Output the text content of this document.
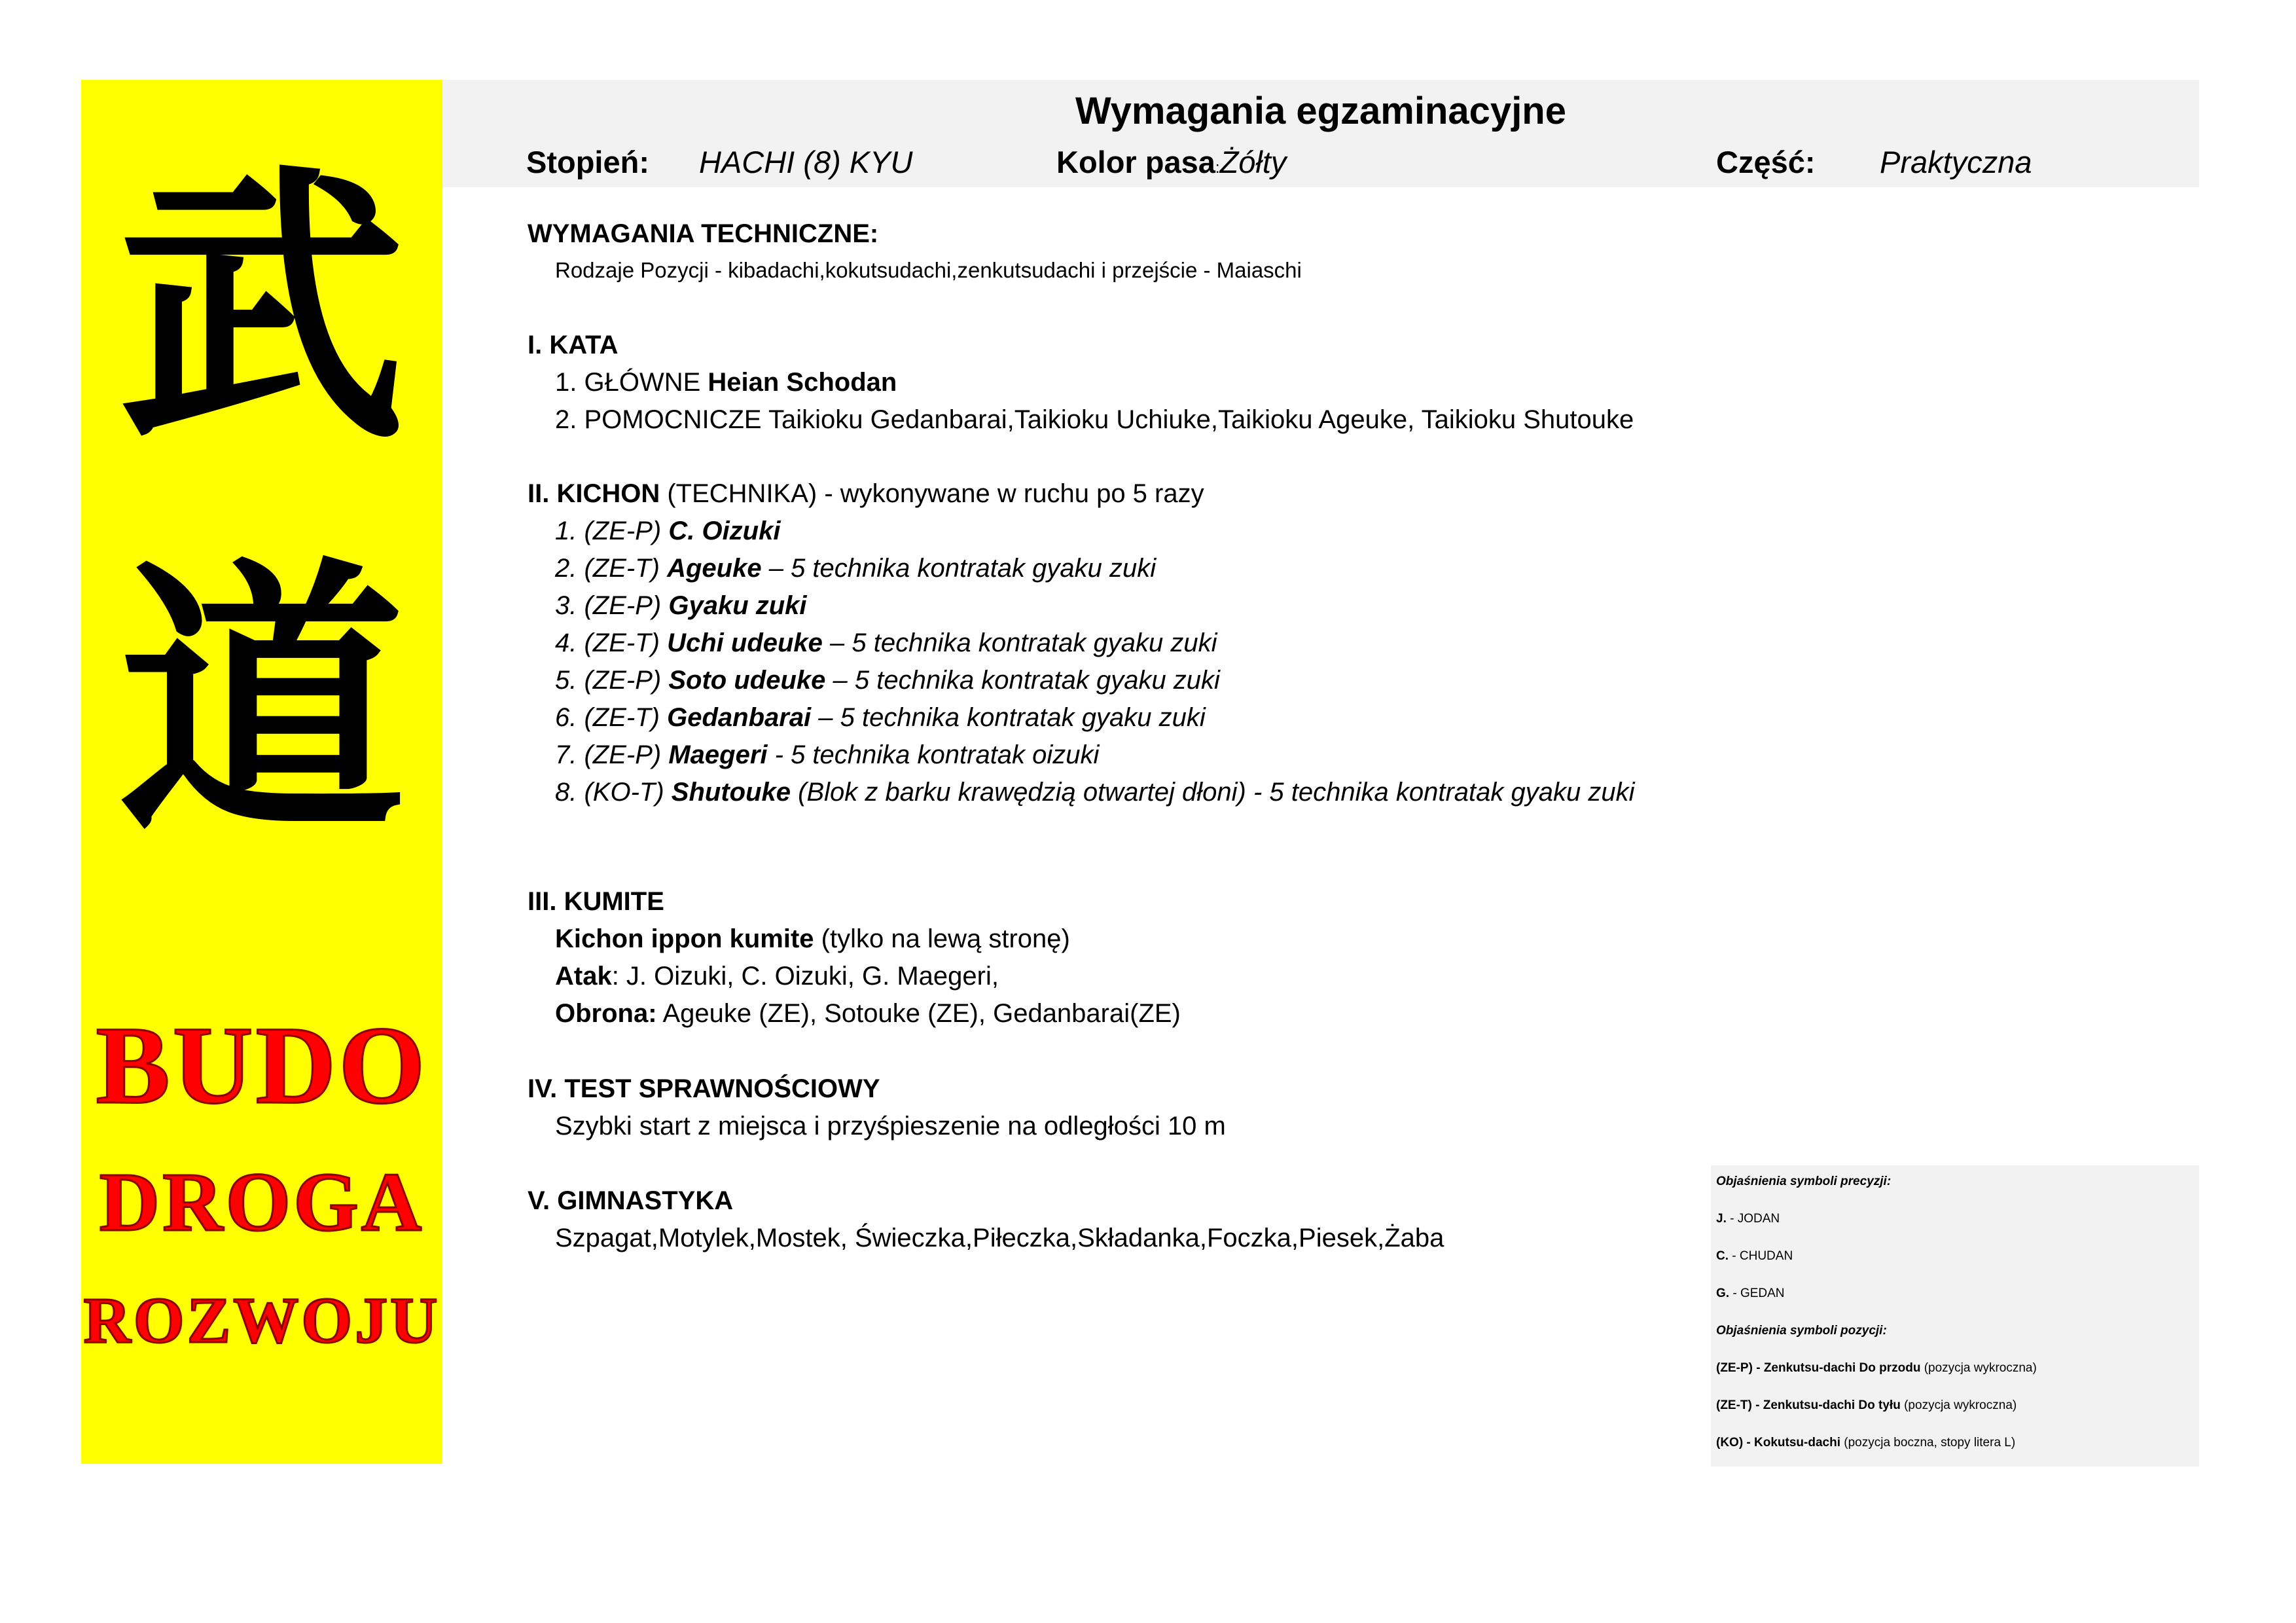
武
道
BUDO
DROGA
ROZWOJU
Wymagania egzaminacyjne
Stopień: HACHI (8) KYU	Kolor pasa:Żółty	Część: Praktyczna
WYMAGANIA TECHNICZNE:
Rodzaje Pozycji - kibadachi,kokutsudachi,zenkutsudachi i przejście - Maiaschi
I. KATA
1. GŁÓWNE Heian Schodan
2. POMOCNICZE Taikioku Gedanbarai,Taikioku Uchiuke,Taikioku Ageuke, Taikioku Shutouke
II. KICHON (TECHNIKA) - wykonywane w ruchu po 5 razy
1. (ZE-P) C. Oizuki
2. (ZE-T) Ageuke – 5 technika kontratak gyaku zuki
3. (ZE-P) Gyaku zuki
4. (ZE-T) Uchi udeuke – 5 technika kontratak gyaku zuki
5. (ZE-P) Soto udeuke – 5 technika kontratak gyaku zuki
6. (ZE-T) Gedanbarai – 5 technika kontratak gyaku zuki
7. (ZE-P) Maegeri - 5 technika kontratak oizuki
8. (KO-T) Shutouke (Blok z barku krawędzią otwartej dłoni) - 5 technika kontratak gyaku zuki
III. KUMITE
Kichon ippon kumite (tylko na lewą stronę)
Atak: J. Oizuki, C. Oizuki, G. Maegeri,
Obrona: Ageuke (ZE), Sotouke (ZE), Gedanbarai(ZE)
IV. TEST SPRAWNOŚCIOWY
Szybki start z miejsca i przyśpieszenie na odległości 10 m
V. GIMNASTYKA
Szpagat,Motylek,Mostek, Świeczka,Piłeczka,Składanka,Foczka,Piesek,Żaba
Objaśnienia symboli precyzji:
J. - JODAN
C. - CHUDAN
G. - GEDAN
Objaśnienia symboli pozycji:
(ZE-P) - Zenkutsu-dachi Do przodu (pozycja wykroczna)
(ZE-T) - Zenkutsu-dachi Do tyłu (pozycja wykroczna)
(KO) - Kokutsu-dachi (pozycja boczna, stopy litera L)
